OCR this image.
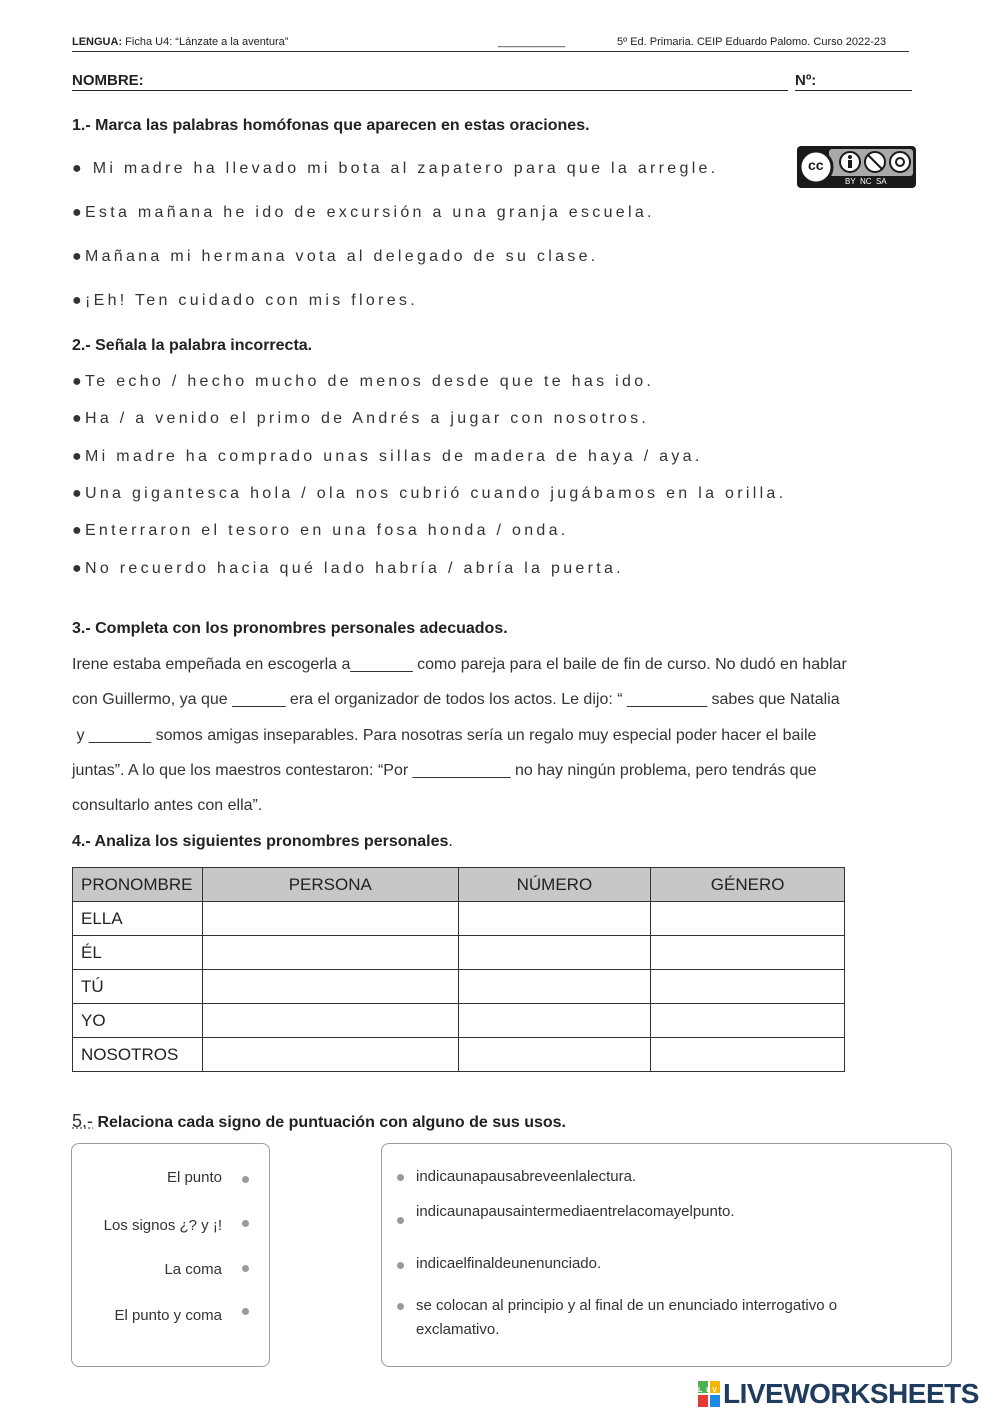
LENGUA: Ficha U4: “Lánzate a la aventura”	___________	5º Ed. Primaria. CEIP Eduardo Palomo. Curso 2022-23
NOMBRE:	Nº:
1.- Marca las palabras homófonas que aparecen en estas oraciones.
● Mi madre ha llevado mi bota al zapatero para que la arregle.
●Esta mañana he ido de excursión a una granja escuela.
●Mañana mi hermana vota al delegado de su clase.
●¡Eh! Ten cuidado con mis flores.
cc
BY  NC  SA
2.- Señala la palabra incorrecta.
●Te echo / hecho mucho de menos desde que te has ido.
●Ha / a venido el primo de Andrés a jugar con nosotros.
●Mi madre ha comprado unas sillas de madera de haya / aya.
●Una gigantesca hola / ola nos cubrió cuando jugábamos en la orilla.
●Enterraron el tesoro en una fosa honda / onda.
●No recuerdo hacia qué lado habría / abría la puerta.
3.- Completa con los pronombres personales adecuados.
Irene estaba empeñada en escogerla a_______ como pareja para el baile de fin de curso. No dudó en hablar
con Guillermo, ya que ______ era el organizador de todos los actos. Le dijo: “ _________ sabes que Natalia
y _______ somos amigas inseparables. Para nosotras sería un regalo muy especial poder hacer el baile
juntas”. A lo que los maestros contestaron: “Por ___________ no hay ningún problema, pero tendrás que
consultarlo antes con ella”.
4.- Analiza los siguientes pronombres personales.
PRONOMBRE	PERSONA	NÚMERO	GÉNERO
ELLA			
ÉL			
TÚ			
YO			
NOSOTROS			
5.- Relaciona cada signo de puntuación con alguno de sus usos.
El punto
Los signos ¿? y ¡!
La coma
El punto y coma
indicaunapausabreveenlalectura.
indicaunapausaintermediaentrelacomayelpunto.
indicaelfinaldeunenunciado.
se colocan al principio y al final de un enunciado interrogativo o
exclamativo.
LIVE
LIVEWORKSHEETS
